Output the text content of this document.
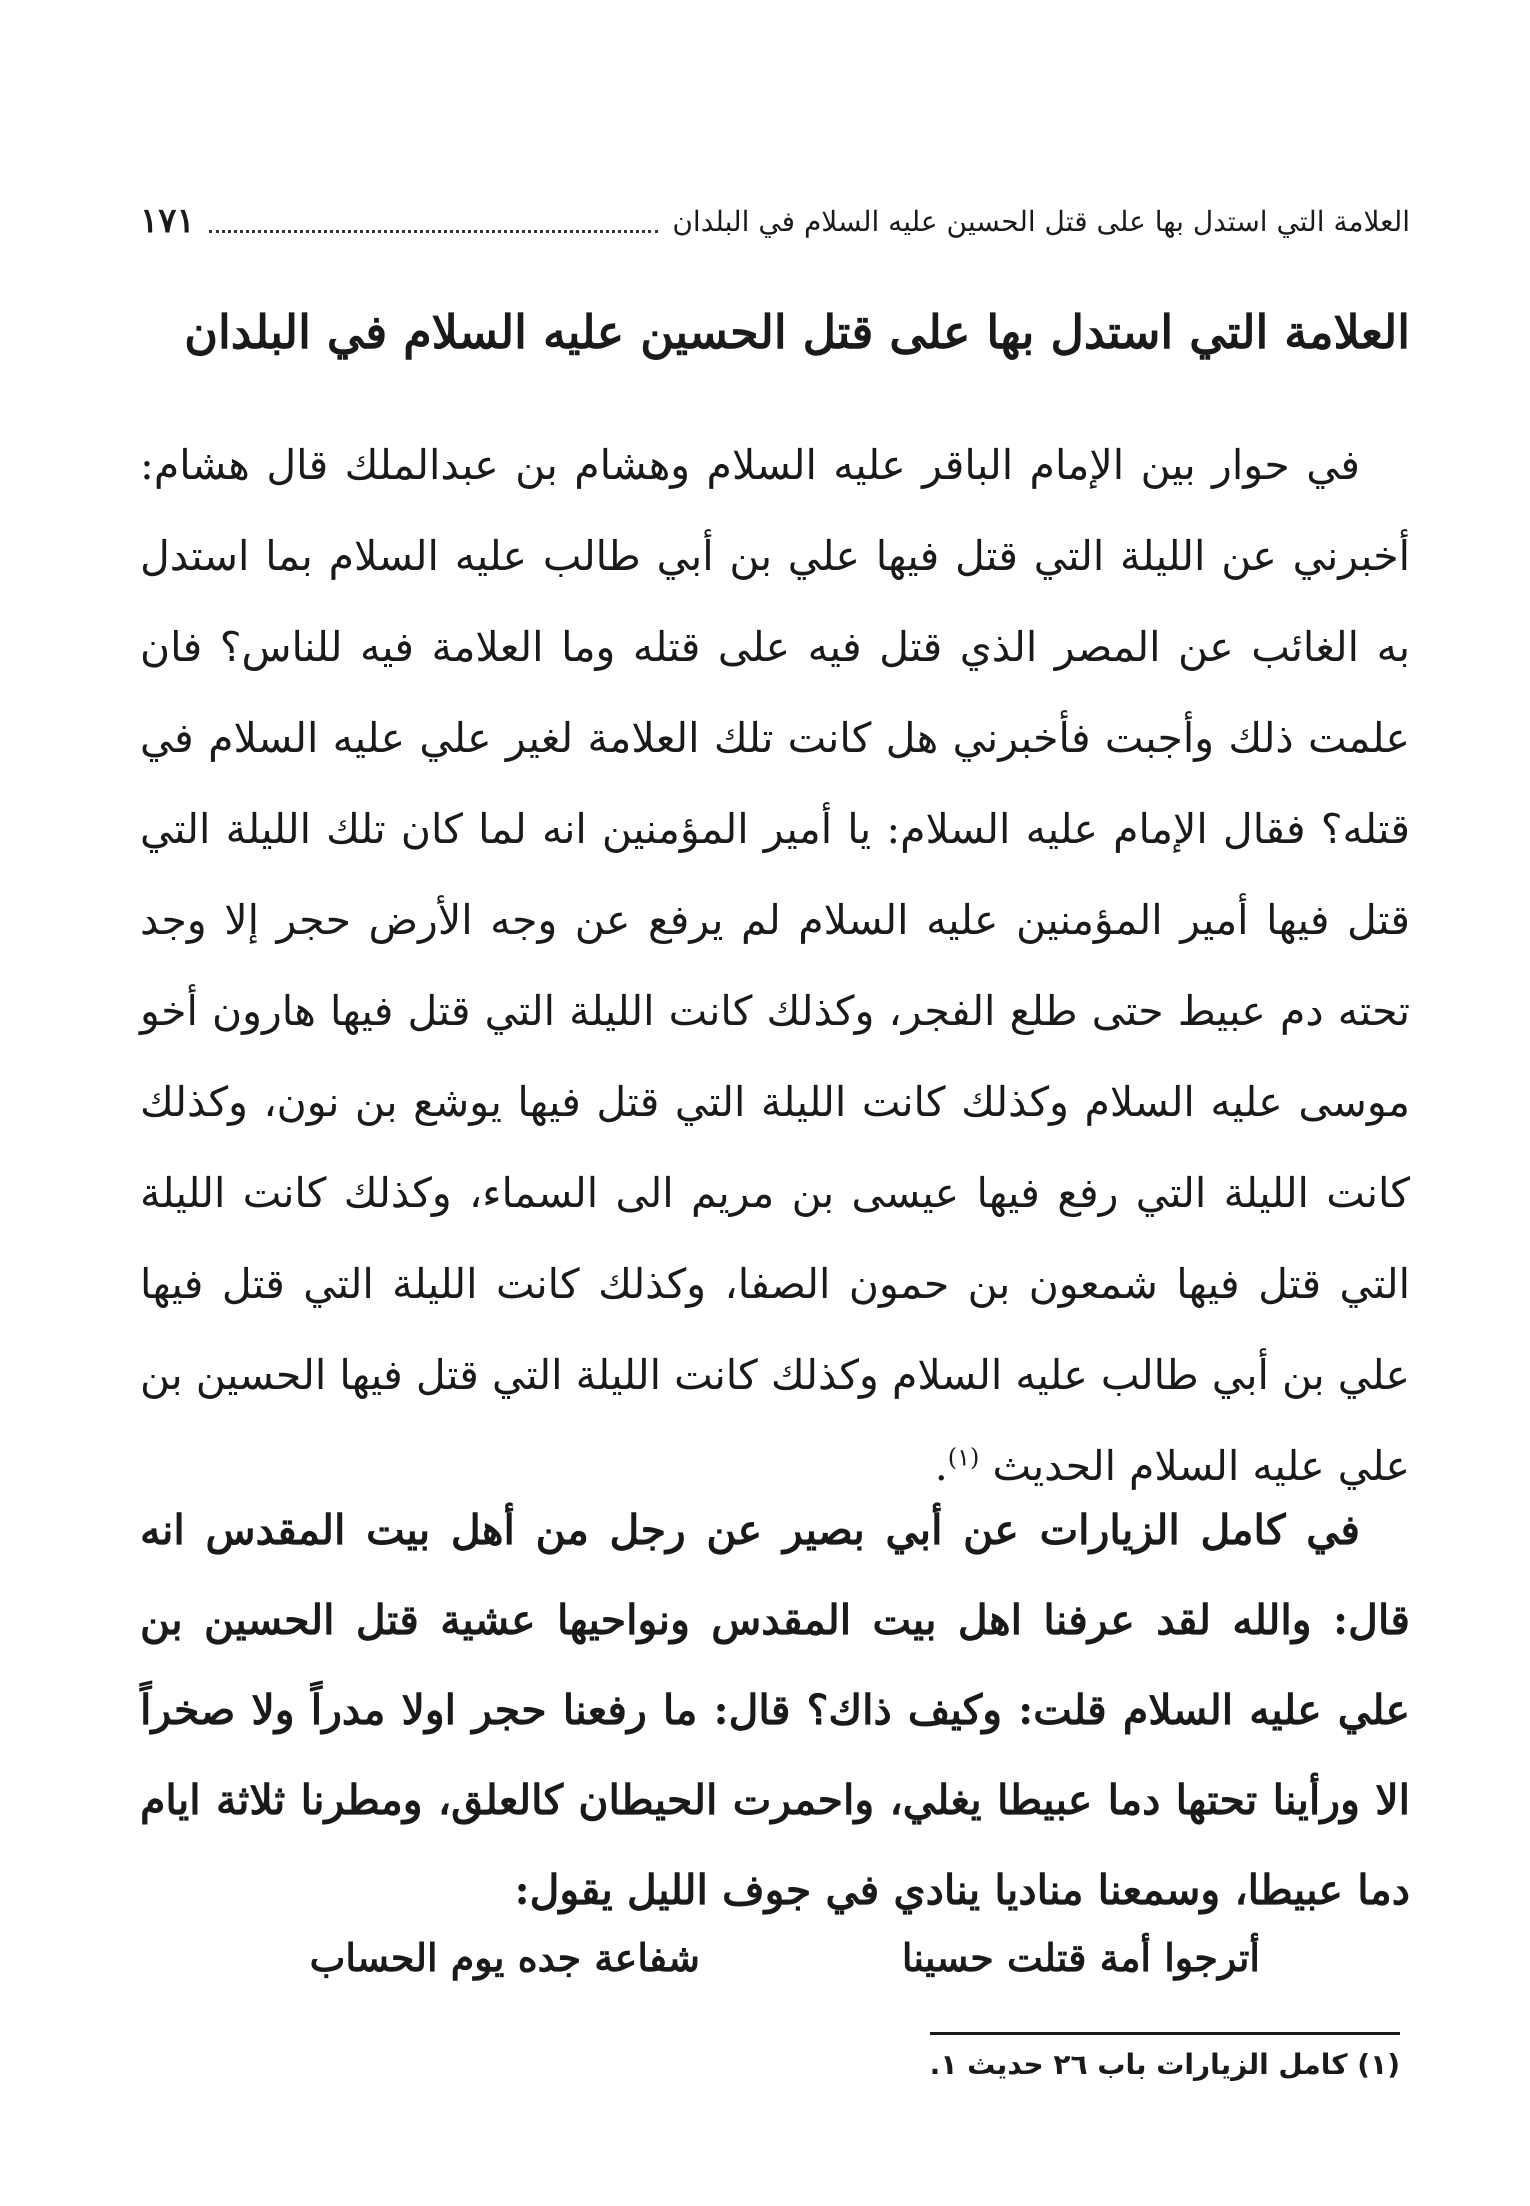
العلامة التي استدل بها على قتل الحسين عليه السلام في البلدان
١٧١
العلامة التي استدل بها على قتل الحسين عليه السلام في البلدان

في حوار بين الإمام الباقر عليه السلام وهشام بن عبدالملك قال هشام: أخبرني عن الليلة التي قتل فيها علي بن أبي طالب عليه السلام بما استدل به الغائب عن المصر الذي قتل فيه على قتله وما العلامة فيه للناس؟ فان علمت ذلك وأجبت فأخبرني هل كانت تلك العلامة لغير علي عليه السلام في قتله؟ فقال الإمام عليه السلام: يا أمير المؤمنين انه لما كان تلك الليلة التي قتل فيها أمير المؤمنين عليه السلام لم يرفع عن وجه الأرض حجر إلا وجد تحته دم عبيط حتى طلع الفجر، وكذلك كانت الليلة التي قتل فيها هارون أخو موسى عليه السلام وكذلك كانت الليلة التي قتل فيها يوشع بن نون، وكذلك كانت الليلة التي رفع فيها عيسى بن مريم الى السماء، وكذلك كانت الليلة التي قتل فيها شمعون بن حمون الصفا، وكذلك كانت الليلة التي قتل فيها علي بن أبي طالب عليه السلام وكذلك كانت الليلة التي قتل فيها الحسين بن علي عليه السلام الحديث $^{(١)}$.

في كامل الزيارات عن أبي بصير عن رجل من أهل بيت المقدس انه قال: والله لقد عرفنا اهل بيت المقدس ونواحيها عشية قتل الحسين بن علي عليه السلام قلت: وكيف ذاك؟ قال: ما رفعنا حجر اولا مدراً ولا صخراً الا ورأينا تحتها دما عبيطا يغلي، واحمرت الحيطان كالعلق، ومطرنا ثلاثة ايام دما عبيطا، وسمعنا مناديا ينادي في جوف الليل يقول:

أترجوا أمة قتلت حسينا
شفاعة جده يوم الحساب
(١) كامل الزيارات باب ٢٦ حديث ١.
